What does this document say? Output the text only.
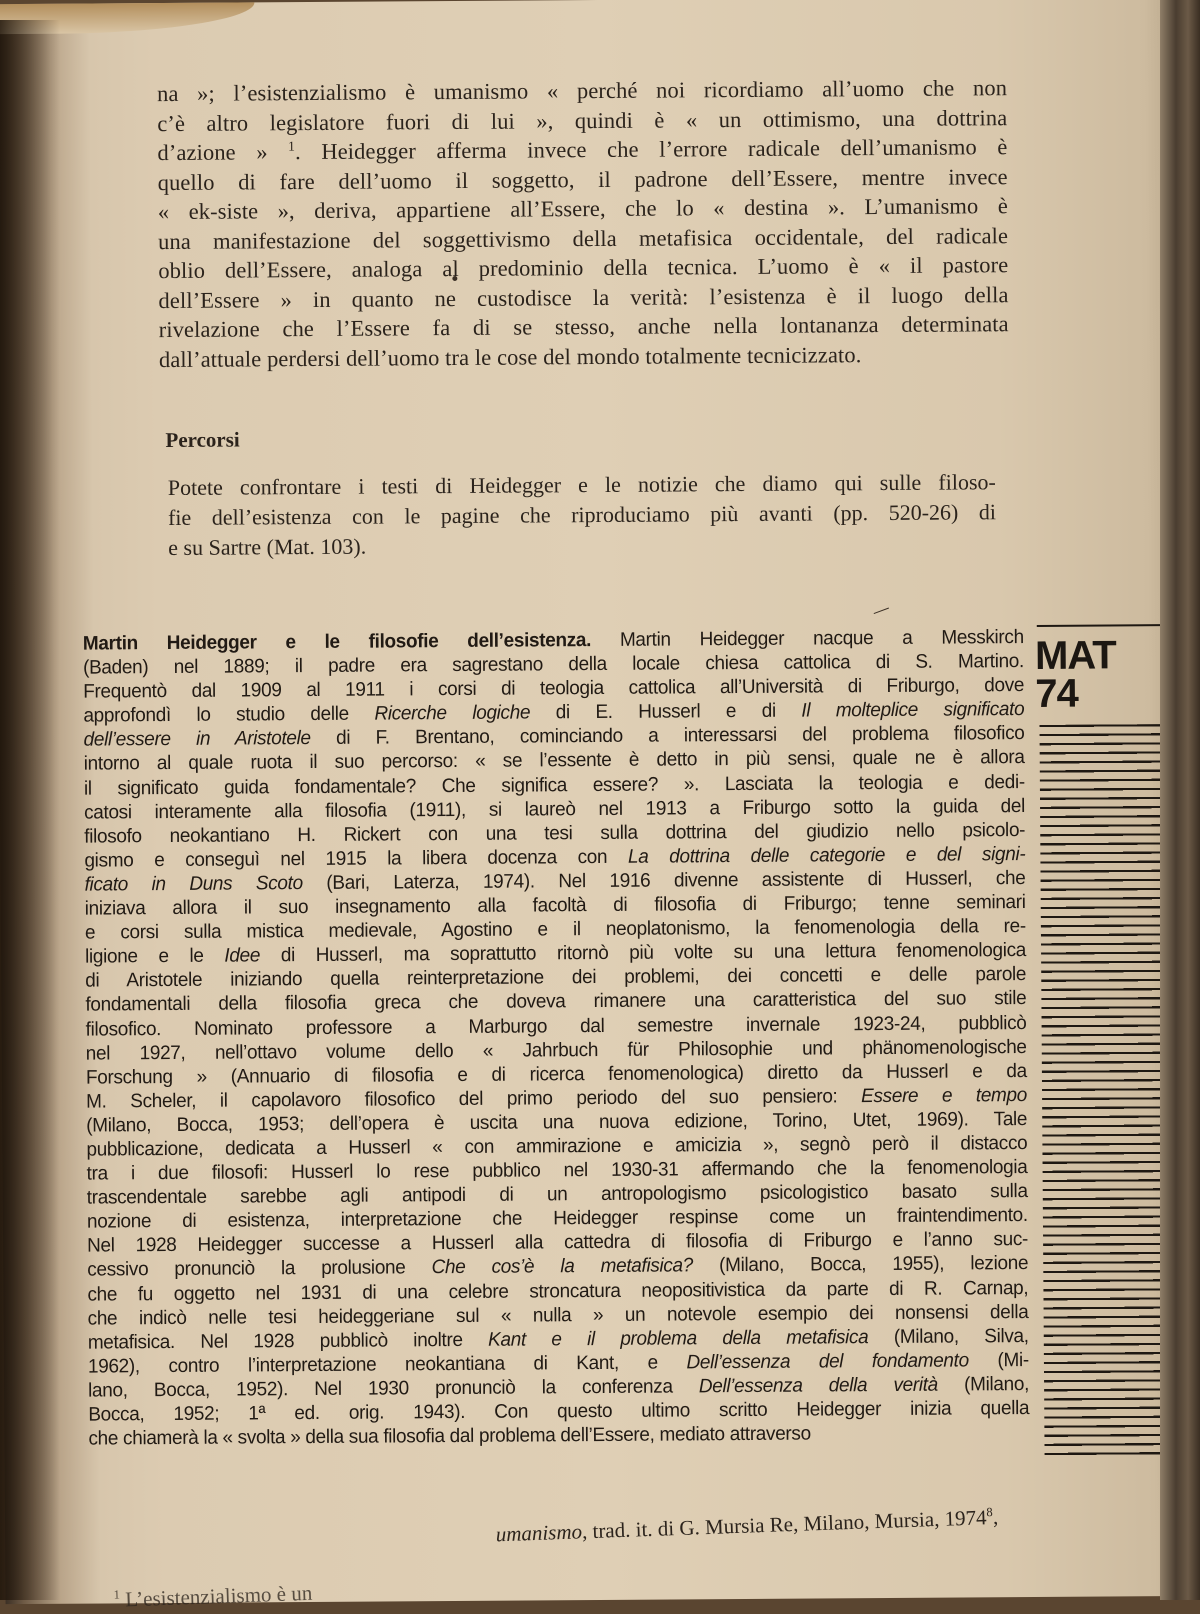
na »; l’esistenzialismo è umanismo « perché noi ricordiamo all’uomo che non

c’è altro legislatore fuori di lui », quindi è « un ottimismo, una dottrina

d’azione » $^1$. Heidegger afferma invece che l’errore radicale dell’umanismo è

quello di fare dell’uomo il soggetto, il padrone dell’Essere, mentre invece

« ek-siste », deriva, appartiene all’Essere, che lo « destina ». L’umanismo è

una manifestazione del soggettivismo della metafisica occidentale, del radicale

oblio dell’Essere, analoga al predominio della tecnica. L’uomo è « il pastore

dell’Essere » in quanto ne custodisce la verità: l’esistenza è il luogo della

rivelazione che l’Essere fa di se stesso, anche nella lontananza determinata

dall’attuale perdersi dell’uomo tra le cose del mondo totalmente tecnicizzato.

Percorsi

Potete confrontare i testi di Heidegger e le notizie che diamo qui sulle filoso-

fie dell’esistenza con le pagine che riproduciamo più avanti (pp. 520-26) di

e su Sartre (Mat. 103).

MAT
74
Martin Heidegger e le filosofie dell’esistenza. Martin Heidegger nacque a Messkirch
(Baden) nel 1889; il padre era sagrestano della locale chiesa cattolica di S. Martino.
Frequentò dal 1909 al 1911 i corsi di teologia cattolica all’Università di Friburgo, dove
approfondì lo studio delle Ricerche logiche di E. Husserl e di Il molteplice significato
dell’essere in Aristotele di F. Brentano, cominciando a interessarsi del problema filosofico
intorno al quale ruota il suo percorso: « se l’essente è detto in più sensi, quale ne è allora
il significato guida fondamentale? Che significa essere? ». Lasciata la teologia e dedi-
catosi interamente alla filosofia (1911), si laureò nel 1913 a Friburgo sotto la guida del
filosofo neokantiano H. Rickert con una tesi sulla dottrina del giudizio nello psicolo-
gismo e conseguì nel 1915 la libera docenza con La dottrina delle categorie e del signi-
ficato in Duns Scoto (Bari, Laterza, 1974). Nel 1916 divenne assistente di Husserl, che
iniziava allora il suo insegnamento alla facoltà di filosofia di Friburgo; tenne seminari
e corsi sulla mistica medievale, Agostino e il neoplatonismo, la fenomenologia della re-
ligione e le Idee di Husserl, ma soprattutto ritornò più volte su una lettura fenomenologica
di Aristotele iniziando quella reinterpretazione dei problemi, dei concetti e delle parole
fondamentali della filosofia greca che doveva rimanere una caratteristica del suo stile
filosofico. Nominato professore a Marburgo dal semestre invernale 1923-24, pubblicò
nel 1927, nell’ottavo volume dello « Jahrbuch für Philosophie und phänomenologische
Forschung » (Annuario di filosofia e di ricerca fenomenologica) diretto da Husserl e da
M. Scheler, il capolavoro filosofico del primo periodo del suo pensiero: Essere e tempo
(Milano, Bocca, 1953; dell’opera è uscita una nuova edizione, Torino, Utet, 1969). Tale
pubblicazione, dedicata a Husserl « con ammirazione e amicizia », segnò però il distacco
tra i due filosofi: Husserl lo rese pubblico nel 1930-31 affermando che la fenomenologia
trascendentale sarebbe agli antipodi di un antropologismo psicologistico basato sulla
nozione di esistenza, interpretazione che Heidegger respinse come un fraintendimento.
Nel 1928 Heidegger successe a Husserl alla cattedra di filosofia di Friburgo e l’anno suc-
cessivo pronunciò la prolusione Che cos’è la metafisica? (Milano, Bocca, 1955), lezione
che fu oggetto nel 1931 di una celebre stroncatura neopositivistica da parte di R. Carnap,
che indicò nelle tesi heideggeriane sul « nulla » un notevole esempio dei nonsensi della
metafisica. Nel 1928 pubblicò inoltre Kant e il problema della metafisica (Milano, Silva,
1962), contro l’interpretazione neokantiana di Kant, e Dell’essenza del fondamento (Mi-
lano, Bocca, 1952). Nel 1930 pronunciò la conferenza Dell’essenza della verità (Milano,
Bocca, 1952; 1ª ed. orig. 1943). Con questo ultimo scritto Heidegger inizia quella
che chiamerà la « svolta » della sua filosofia dal problema dell’Essere, mediato attraverso
umanismo, trad. it. di G. Mursia Re, Milano, Mursia, 1974$^8$,
$^1$ L’esistenzialismo è un
